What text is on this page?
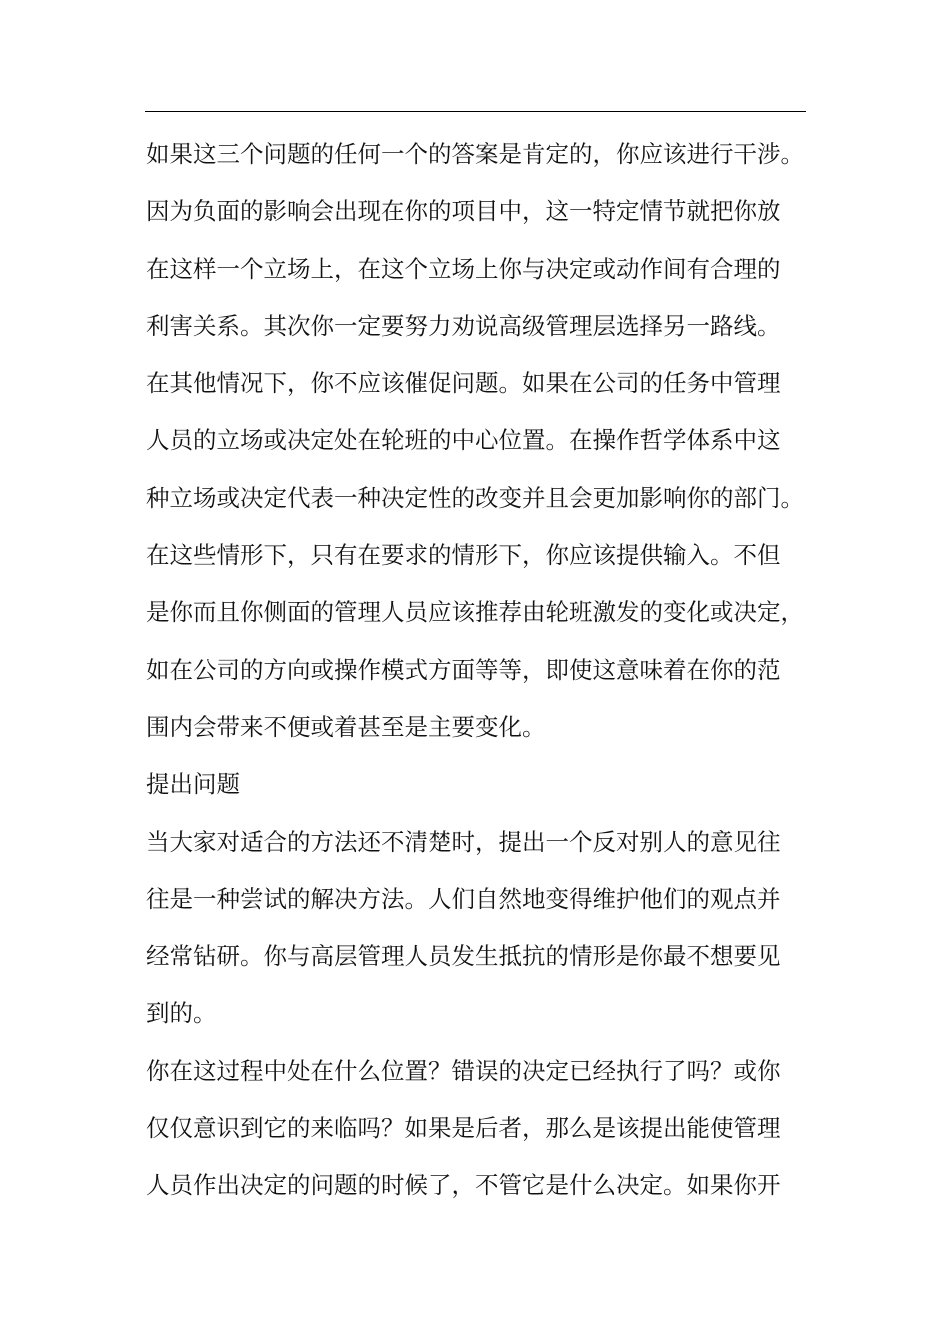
如果这三个问题的任何一个的答案是肯定的，你应该进行干涉。
因为负面的影响会出现在你的项目中，这一特定情节就把你放
在这样一个立场上，在这个立场上你与决定或动作间有合理的
利害关系。其次你一定要努力劝说高级管理层选择另一路线。
在其他情况下，你不应该催促问题。如果在公司的任务中管理
人员的立场或决定处在轮班的中心位置。在操作哲学体系中这
种立场或决定代表一种决定性的改变并且会更加影响你的部门。
在这些情形下，只有在要求的情形下，你应该提供输入。不但
是你而且你侧面的管理人员应该推荐由轮班激发的变化或决定，
如在公司的方向或操作模式方面等等，即使这意味着在你的范
围内会带来不便或着甚至是主要变化。
提出问题
当大家对适合的方法还不清楚时，提出一个反对别人的意见往
往是一种尝试的解决方法。人们自然地变得维护他们的观点并
经常钻研。你与高层管理人员发生抵抗的情形是你最不想要见
到的。
你在这过程中处在什么位置？错误的决定已经执行了吗？或你
仅仅意识到它的来临吗？如果是后者，那么是该提出能使管理
人员作出决定的问题的时候了，不管它是什么决定。如果你开
